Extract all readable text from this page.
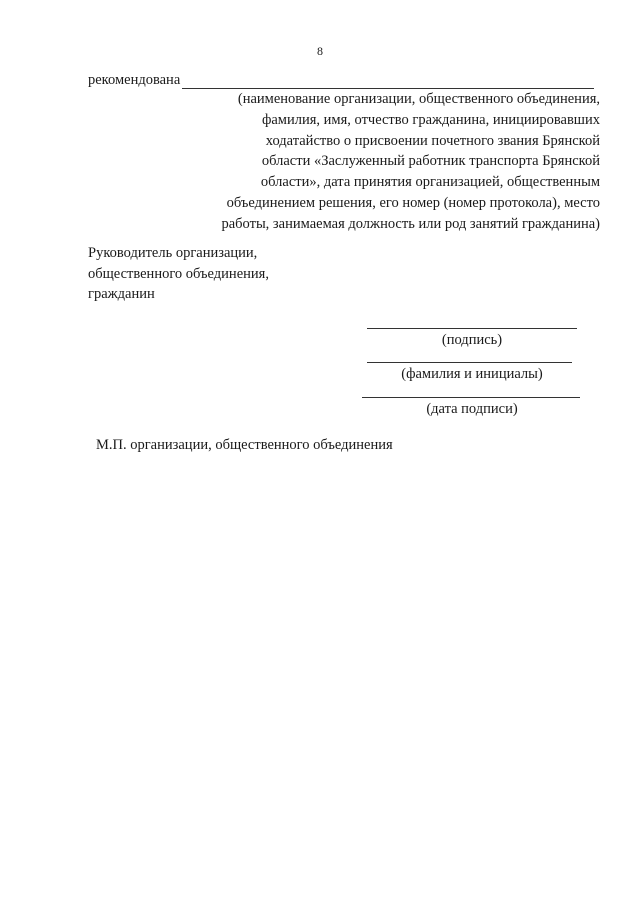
8
рекомендована
(наименование организации, общественного объединения,
фамилия, имя, отчество гражданина, инициировавших
ходатайство о присвоении почетного звания Брянской
области «Заслуженный работник транспорта Брянской
области», дата принятия организацией, общественным
объединением решения, его номер (номер протокола), место
работы, занимаемая должность или род занятий гражданина)
Руководитель организации,
общественного объединения,
гражданин
(подпись)
(фамилия и инициалы)
(дата подписи)
М.П. организации, общественного объединения
